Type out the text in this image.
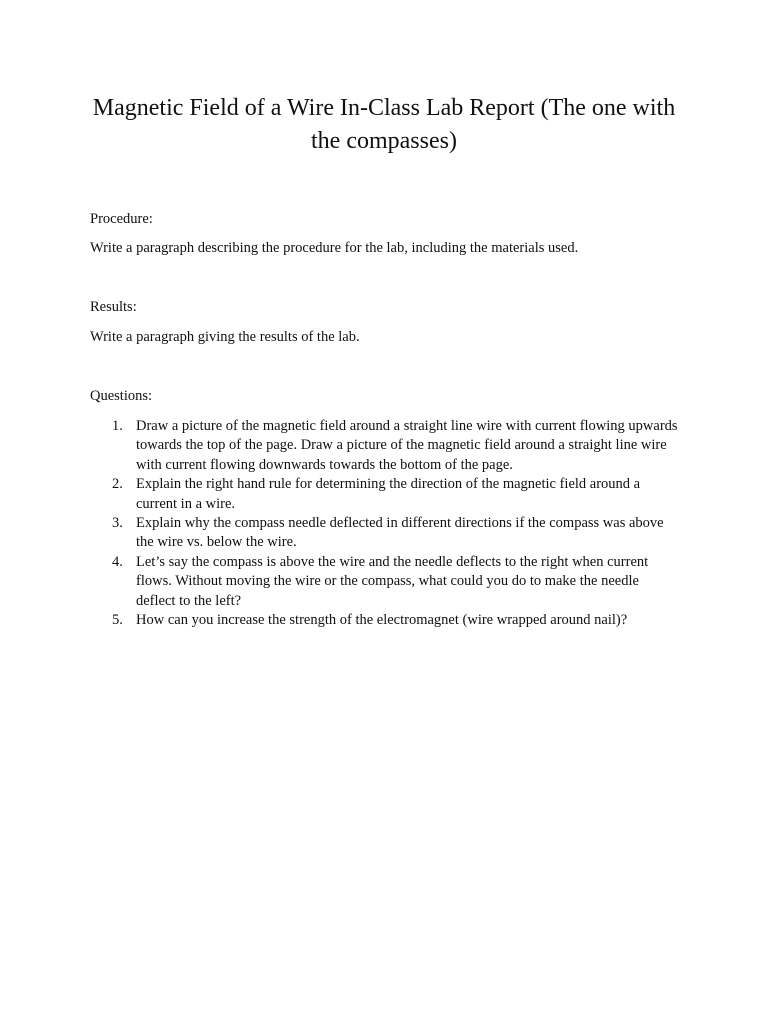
Magnetic Field of a Wire In-Class Lab Report (The one with the compasses)

Procedure:

Write a paragraph describing the procedure for the lab, including the materials used.

Results:

Write a paragraph giving the results of the lab.

Questions:

1. Draw a picture of the magnetic field around a straight line wire with current flowing upwards towards the top of the page. Draw a picture of the magnetic field around a straight line wire with current flowing downwards towards the bottom of the page.
2. Explain the right hand rule for determining the direction of the magnetic field around a current in a wire.
3. Explain why the compass needle deflected in different directions if the compass was above the wire vs. below the wire.
4. Let’s say the compass is above the wire and the needle deflects to the right when current flows. Without moving the wire or the compass, what could you do to make the needle deflect to the left?
5. How can you increase the strength of the electromagnet (wire wrapped around nail)?
